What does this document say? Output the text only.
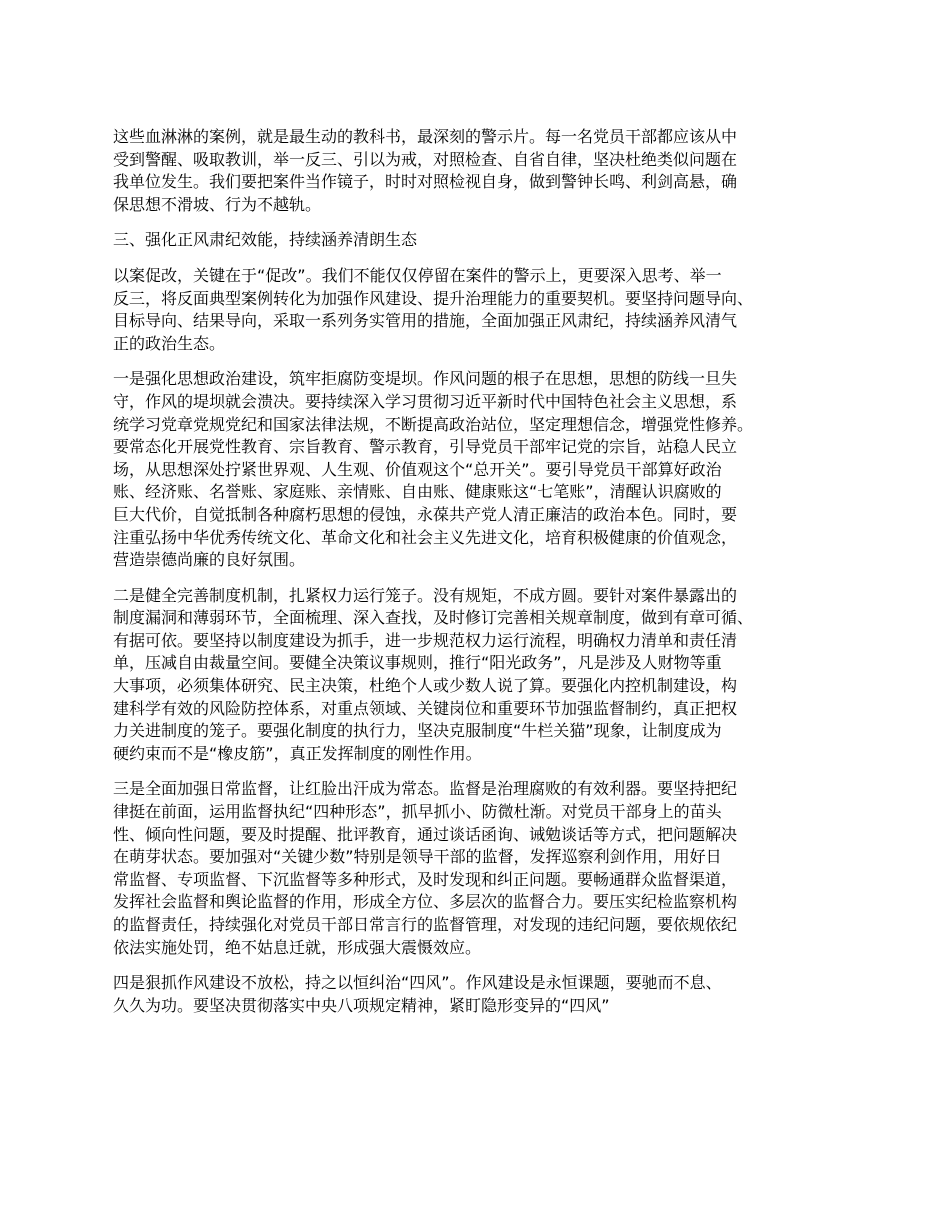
这些血淋淋的案例，就是最生动的教科书，最深刻的警示片。每一名党员干部都应该从中
受到警醒、吸取教训，举一反三、引以为戒，对照检查、自省自律，坚决杜绝类似问题在
我单位发生。我们要把案件当作镜子，时时对照检视自身，做到警钟长鸣、利剑高悬，确
保思想不滑坡、行为不越轨。

三、强化正风肃纪效能，持续涵养清朗生态

以案促改，关键在于“促改”。我们不能仅仅停留在案件的警示上，更要深入思考、举一
反三，将反面典型案例转化为加强作风建设、提升治理能力的重要契机。要坚持问题导向、
目标导向、结果导向，采取一系列务实管用的措施，全面加强正风肃纪，持续涵养风清气
正的政治生态。

一是强化思想政治建设，筑牢拒腐防变堤坝。作风问题的根子在思想，思想的防线一旦失
守，作风的堤坝就会溃决。要持续深入学习贯彻习近平新时代中国特色社会主义思想，系
统学习党章党规党纪和国家法律法规，不断提高政治站位，坚定理想信念，增强党性修养。
要常态化开展党性教育、宗旨教育、警示教育，引导党员干部牢记党的宗旨，站稳人民立
场，从思想深处拧紧世界观、人生观、价值观这个“总开关”。要引导党员干部算好政治
账、经济账、名誉账、家庭账、亲情账、自由账、健康账这“七笔账”，清醒认识腐败的
巨大代价，自觉抵制各种腐朽思想的侵蚀，永葆共产党人清正廉洁的政治本色。同时，要
注重弘扬中华优秀传统文化、革命文化和社会主义先进文化，培育积极健康的价值观念，
营造崇德尚廉的良好氛围。

二是健全完善制度机制，扎紧权力运行笼子。没有规矩，不成方圆。要针对案件暴露出的
制度漏洞和薄弱环节，全面梳理、深入查找，及时修订完善相关规章制度，做到有章可循、
有据可依。要坚持以制度建设为抓手，进一步规范权力运行流程，明确权力清单和责任清
单，压减自由裁量空间。要健全决策议事规则，推行“阳光政务”，凡是涉及人财物等重
大事项，必须集体研究、民主决策，杜绝个人或少数人说了算。要强化内控机制建设，构
建科学有效的风险防控体系，对重点领域、关键岗位和重要环节加强监督制约，真正把权
力关进制度的笼子。要强化制度的执行力，坚决克服制度“牛栏关猫”现象，让制度成为
硬约束而不是“橡皮筋”，真正发挥制度的刚性作用。

三是全面加强日常监督，让红脸出汗成为常态。监督是治理腐败的有效利器。要坚持把纪
律挺在前面，运用监督执纪“四种形态”，抓早抓小、防微杜渐。对党员干部身上的苗头
性、倾向性问题，要及时提醒、批评教育，通过谈话函询、诫勉谈话等方式，把问题解决
在萌芽状态。要加强对“关键少数”特别是领导干部的监督，发挥巡察利剑作用，用好日
常监督、专项监督、下沉监督等多种形式，及时发现和纠正问题。要畅通群众监督渠道，
发挥社会监督和舆论监督的作用，形成全方位、多层次的监督合力。要压实纪检监察机构
的监督责任，持续强化对党员干部日常言行的监督管理，对发现的违纪问题，要依规依纪
依法实施处罚，绝不姑息迁就，形成强大震慑效应。

四是狠抓作风建设不放松，持之以恒纠治“四风”。作风建设是永恒课题，要驰而不息、
久久为功。要坚决贯彻落实中央八项规定精神，紧盯隐形变异的“四风”
